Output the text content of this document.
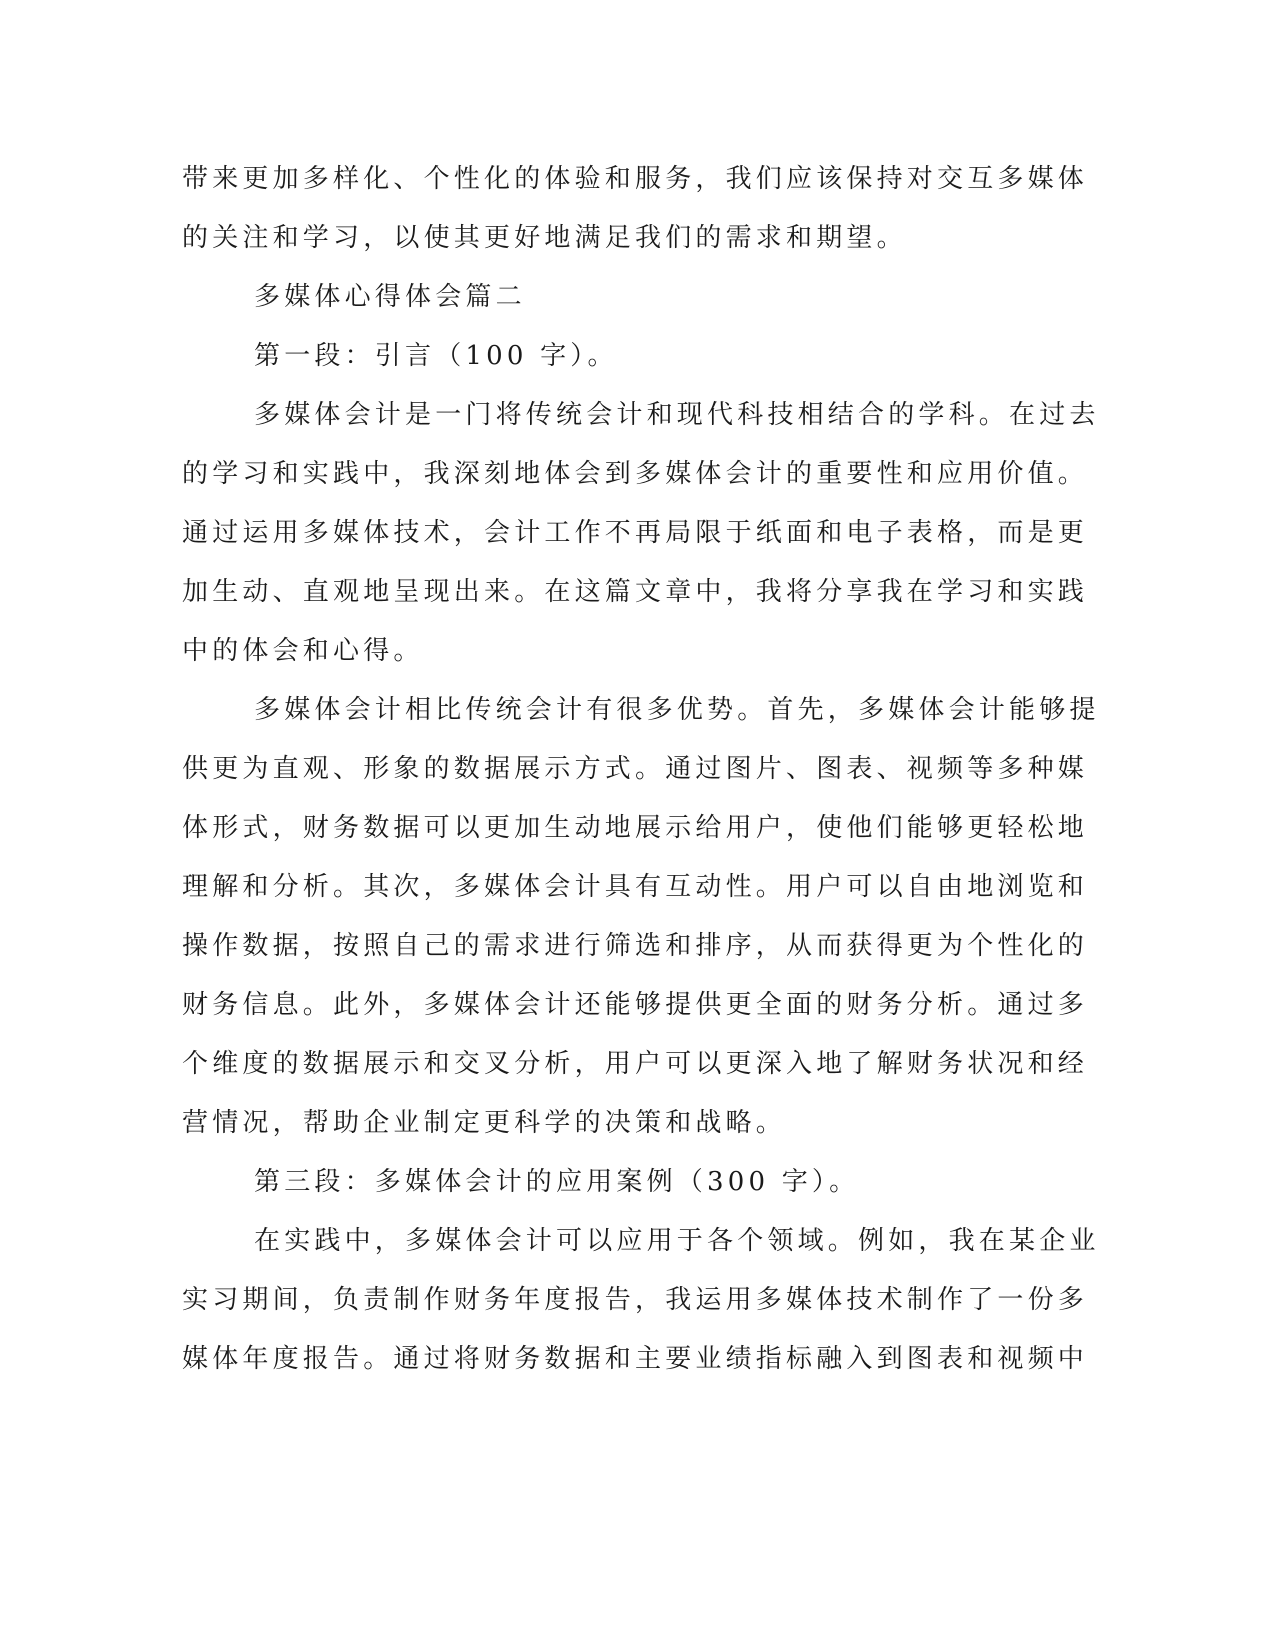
带来更加多样化、个性化的体验和服务，我们应该保持对交互多媒体
的关注和学习，以使其更好地满足我们的需求和期望。
多媒体心得体会篇二
第一段：引言（100 字）。
多媒体会计是一门将传统会计和现代科技相结合的学科。在过去
的学习和实践中，我深刻地体会到多媒体会计的重要性和应用价值。
通过运用多媒体技术，会计工作不再局限于纸面和电子表格，而是更
加生动、直观地呈现出来。在这篇文章中，我将分享我在学习和实践
中的体会和心得。
多媒体会计相比传统会计有很多优势。首先，多媒体会计能够提
供更为直观、形象的数据展示方式。通过图片、图表、视频等多种媒
体形式，财务数据可以更加生动地展示给用户，使他们能够更轻松地
理解和分析。其次，多媒体会计具有互动性。用户可以自由地浏览和
操作数据，按照自己的需求进行筛选和排序，从而获得更为个性化的
财务信息。此外，多媒体会计还能够提供更全面的财务分析。通过多
个维度的数据展示和交叉分析，用户可以更深入地了解财务状况和经
营情况，帮助企业制定更科学的决策和战略。
第三段：多媒体会计的应用案例（300 字）。
在实践中，多媒体会计可以应用于各个领域。例如，我在某企业
实习期间，负责制作财务年度报告，我运用多媒体技术制作了一份多
媒体年度报告。通过将财务数据和主要业绩指标融入到图表和视频中
